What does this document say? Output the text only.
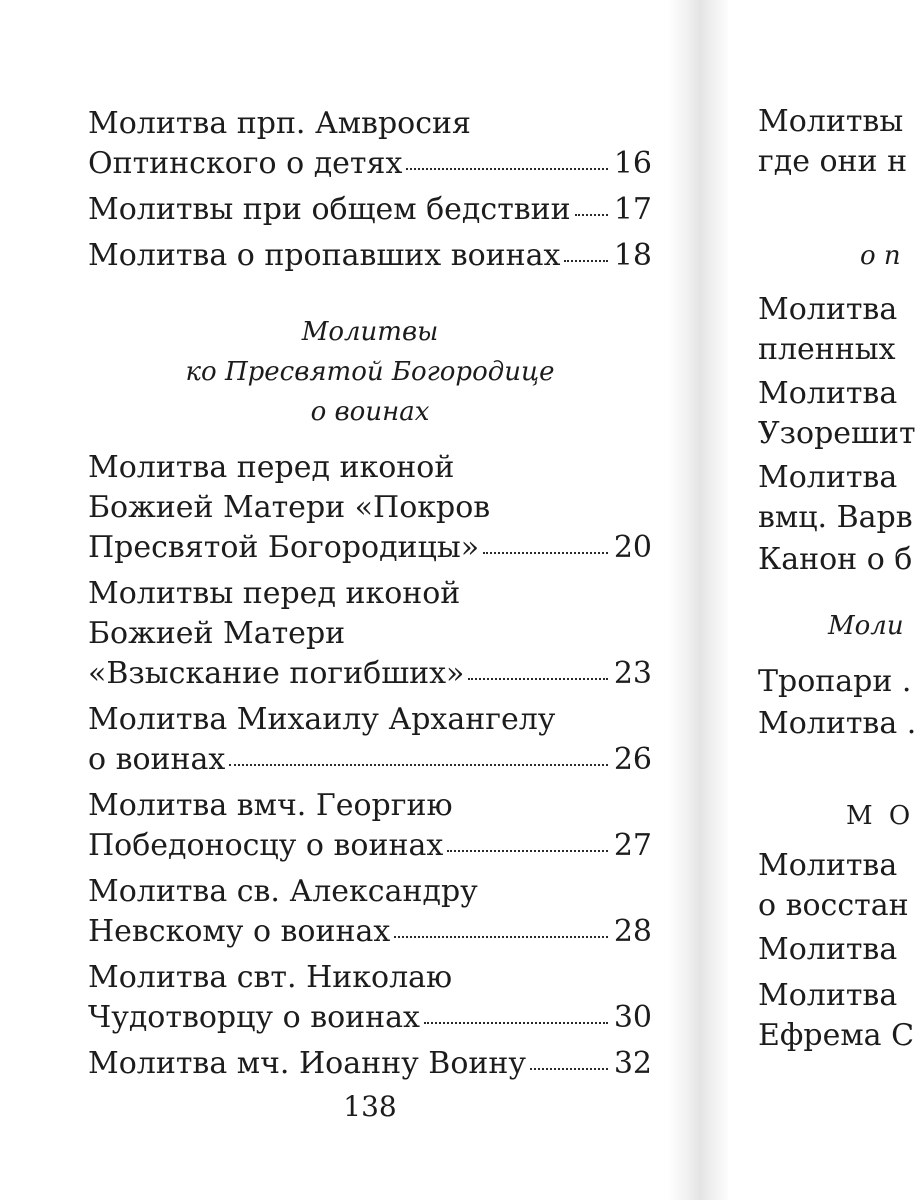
Молитва прп. Амвросия
Оптинского о детях	16
Молитвы при общем бедствии 17
Молитва о пропавших воинах 18
Молитвы
ко Пресвятой Богородице
о воинах
Молитва перед иконой
Божией Матери «Покров
Пресвятой Богородицы»	20
Молитвы перед иконой
Божией Матери
«Взыскание погибших»	23
Молитва Михаилу Архангелу
о воинах	26
Молитва вмч. Георгию
Победоносцу о воинах	27
Молитва св. Александру
Невскому о воинах	28
Молитва свт. Николаю
Чудотворцу о воинах	30
Молитва мч. Иоанну Воину	32
138
Молитвы
где они н
о п
Молитва
пленных
Молитва
Узорешит
Молитва
вмц. Варв
Канон о б
Моли
Тропари .
Молитва .
М О
Молитва
о восстан
Молитва
Молитва
Ефрема С
